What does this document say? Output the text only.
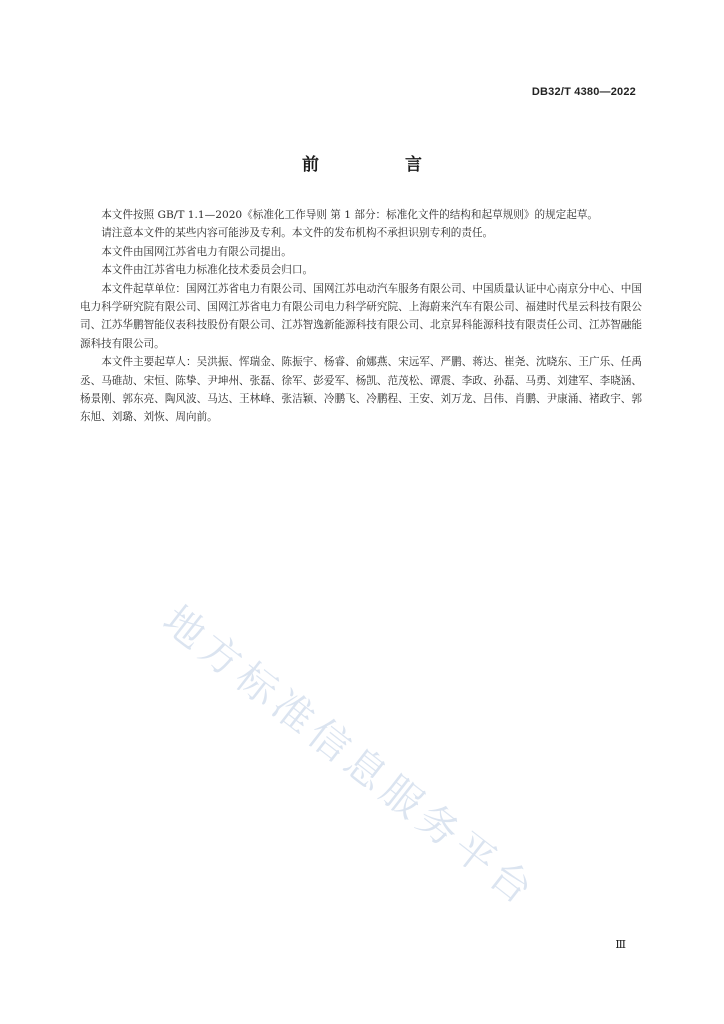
DB32/T 4380—2022
前 言

本文件按照 GB/T 1.1—2020《标准化工作导则 第 1 部分：标准化文件的结构和起草规则》的规定起草。

请注意本文件的某些内容可能涉及专利。本文件的发布机构不承担识别专利的责任。

本文件由国网江苏省电力有限公司提出。

本文件由江苏省电力标准化技术委员会归口。

本文件起草单位：国网江苏省电力有限公司、国网江苏电动汽车服务有限公司、中国质量认证中心南京分中心、中国电力科学研究院有限公司、国网江苏省电力有限公司电力科学研究院、上海蔚来汽车有限公司、福建时代星云科技有限公司、江苏华鹏智能仪表科技股份有限公司、江苏智逸新能源科技有限公司、北京昇科能源科技有限责任公司、江苏智融能源科技有限公司。

本文件主要起草人：吴洪振、恽瑞金、陈振宇、杨睿、俞娜燕、宋远军、严鹏、蒋达、崔尧、沈晓东、王广乐、任禹丞、马碓劼、宋恒、陈挚、尹坤州、张磊、徐军、彭爱军、杨凯、范茂松、谭震、李政、孙磊、马勇、刘建军、李晓涵、杨景刚、郭东亮、陶风波、马达、王林峰、张洁颖、冷鹏飞、冷鹏程、王安、刘万龙、吕伟、肖鹏、尹康涌、褚政宇、郭东旭、刘璐、刘恢、周向前。

地方标准信息服务平台
Ⅲ
